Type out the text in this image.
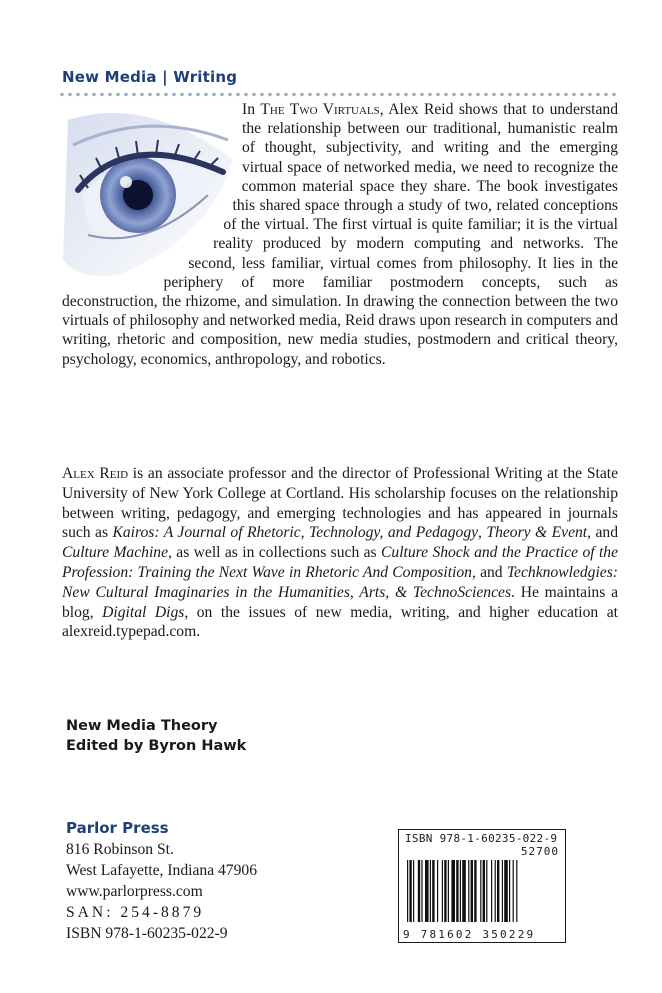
New Media | Writing
In The Two Virtuals, Alex Reid shows that to understand the relationship between our traditional, humanistic realm of thought, subjectivity, and writing and the emerging virtual space of networked media, we need to recognize the common material space they share. The book investigates this shared space through a study of two, related conceptions of the virtual. The first virtual is quite familiar; it is the virtual reality produced by modern computing and networks. The second, less familiar, virtual comes from philosophy. It lies in the periphery of more familiar postmodern concepts, such as deconstruction, the rhizome, and simulation. In drawing the connection between the two virtuals of philosophy and networked media, Reid draws upon research in computers and writing, rhetoric and composition, new media studies, postmodern and critical theory, psychology, economics, anthropology, and robotics.
Alex Reid is an associate professor and the director of Professional Writing at the State University of New York College at Cortland. His scholarship focuses on the relationship between writing, pedagogy, and emerging technologies and has appeared in journals such as Kairos: A Journal of Rhetoric, Technology, and Pedagogy, Theory & Event, and Culture Machine, as well as in collections such as Culture Shock and the Practice of the Profession: Training the Next Wave in Rhetoric And Composition, and Techknowledgies: New Cultural Imaginaries in the Humanities, Arts, & TechnoSciences. He maintains a blog, Digital Digs, on the issues of new media, writing, and higher education at alexreid.typepad.com.
New Media Theory
Edited by Byron Hawk
Parlor Press
816 Robinson St.
West Lafayette, Indiana 47906
www.parlorpress.com
SAN: 254-8879
ISBN 978-1-60235-022-9
ISBN 978-1-60235-022-9
52700
9 781602 350229
